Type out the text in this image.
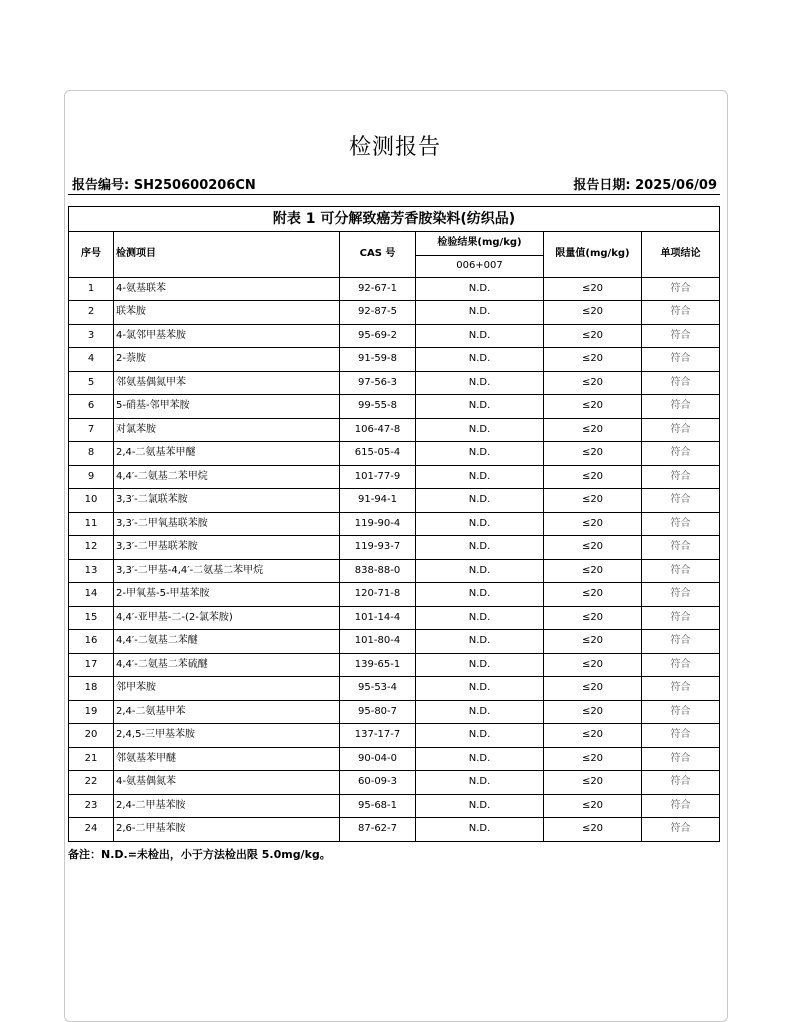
检测报告
报告编号: SH250600206CN	报告日期: 2025/06/09
附表 1 可分解致癌芳香胺染料(纺织品)					
序号	检测项目	CAS 号	检验结果(mg/kg)	限量值(mg/kg)	单项结论
			006+007		
1	4-氨基联苯	92-67-1	N.D.	≤20	符合
2	联苯胺	92-87-5	N.D.	≤20	符合
3	4-氯邻甲基苯胺	95-69-2	N.D.	≤20	符合
4	2-萘胺	91-59-8	N.D.	≤20	符合
5	邻氨基偶氮甲苯	97-56-3	N.D.	≤20	符合
6	5-硝基-邻甲苯胺	99-55-8	N.D.	≤20	符合
7	对氯苯胺	106-47-8	N.D.	≤20	符合
8	2,4-二氨基苯甲醚	615-05-4	N.D.	≤20	符合
9	4,4′-二氨基二苯甲烷	101-77-9	N.D.	≤20	符合
10	3,3′-二氯联苯胺	91-94-1	N.D.	≤20	符合
11	3,3′-二甲氧基联苯胺	119-90-4	N.D.	≤20	符合
12	3,3′-二甲基联苯胺	119-93-7	N.D.	≤20	符合
13	3,3′-二甲基-4,4′-二氨基二苯甲烷	838-88-0	N.D.	≤20	符合
14	2-甲氧基-5-甲基苯胺	120-71-8	N.D.	≤20	符合
15	4,4′-亚甲基-二-(2-氯苯胺)	101-14-4	N.D.	≤20	符合
16	4,4′-二氨基二苯醚	101-80-4	N.D.	≤20	符合
17	4,4′-二氨基二苯硫醚	139-65-1	N.D.	≤20	符合
18	邻甲苯胺	95-53-4	N.D.	≤20	符合
19	2,4-二氨基甲苯	95-80-7	N.D.	≤20	符合
20	2,4,5-三甲基苯胺	137-17-7	N.D.	≤20	符合
21	邻氨基苯甲醚	90-04-0	N.D.	≤20	符合
22	4-氨基偶氮苯	60-09-3	N.D.	≤20	符合
23	2,4-二甲基苯胺	95-68-1	N.D.	≤20	符合
24	2,6-二甲基苯胺	87-62-7	N.D.	≤20	符合
备注：N.D.=未检出，小于方法检出限 5.0mg/kg。
